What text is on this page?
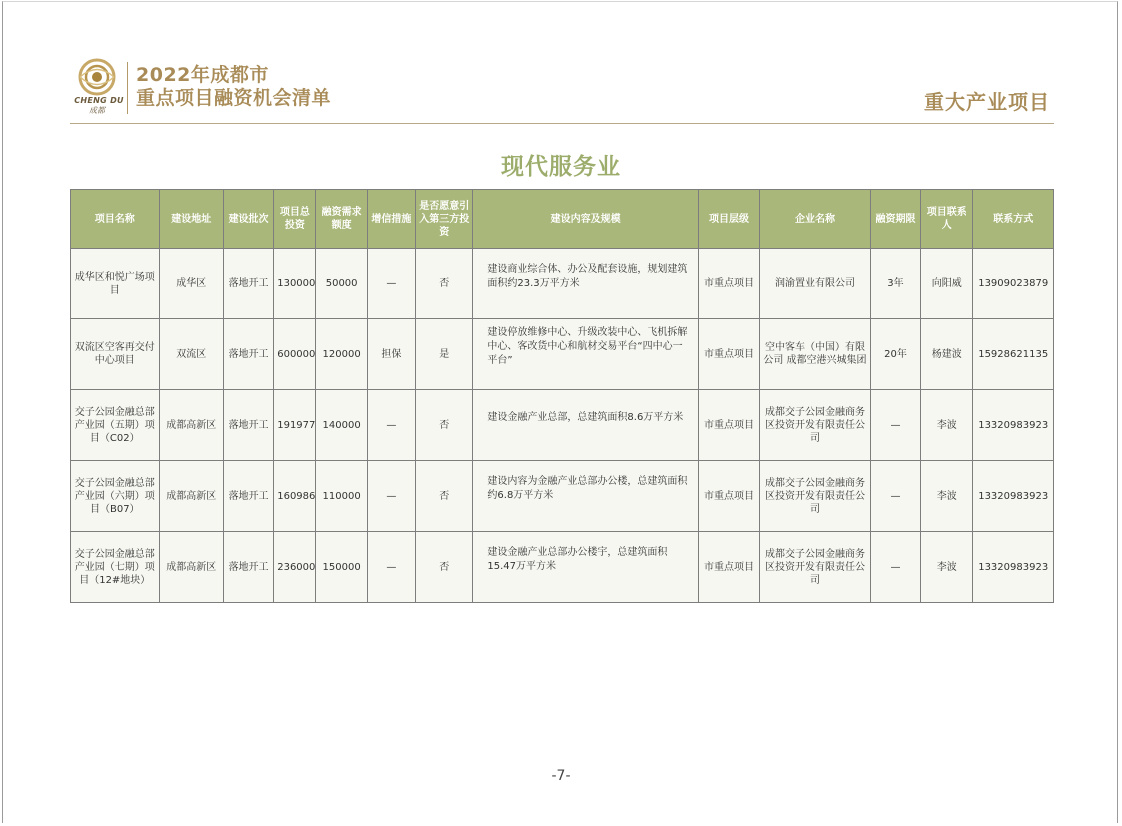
CHENG DU
成都
2022年成都市
重点项目融资机会清单	重大产业项目
现代服务业
项目名称	建设地址	建设批次	项目总投资	融资需求额度	增信措施	是否愿意引入第三方投资	建设内容及规模	项目层级	企业名称	融资期限	项目联系人	联系方式
成华区和悦广场项目	成华区	落地开工	130000	50000	—	否	建设商业综合体、办公及配套设施，规划建筑面积约23.3万平方米	市重点项目	润渝置业有限公司	3年	向阳威	13909023879
双流区空客再交付中心项目	双流区	落地开工	600000	120000	担保	是	建设停放维修中心、升级改装中心、飞机拆解中心、客改货中心和航材交易平台“四中心一平台”	市重点项目	空中客车（中国）有限公司 成都空港兴城集团	20年	杨建波	15928621135
交子公园金融总部产业园（五期）项目（C02）	成都高新区	落地开工	191977	140000	—	否	建设金融产业总部，总建筑面积8.6万平方米	市重点项目	成都交子公园金融商务区投资开发有限责任公司	—	李波	13320983923
交子公园金融总部产业园（六期）项目（B07）	成都高新区	落地开工	160986	110000	—	否	建设内容为金融产业总部办公楼，总建筑面积约6.8万平方米	市重点项目	成都交子公园金融商务区投资开发有限责任公司	—	李波	13320983923
交子公园金融总部产业园（七期）项目（12#地块）	成都高新区	落地开工	236000	150000	—	否	建设金融产业总部办公楼宇，总建筑面积15.47万平方米	市重点项目	成都交子公园金融商务区投资开发有限责任公司	—	李波	13320983923
-7-
